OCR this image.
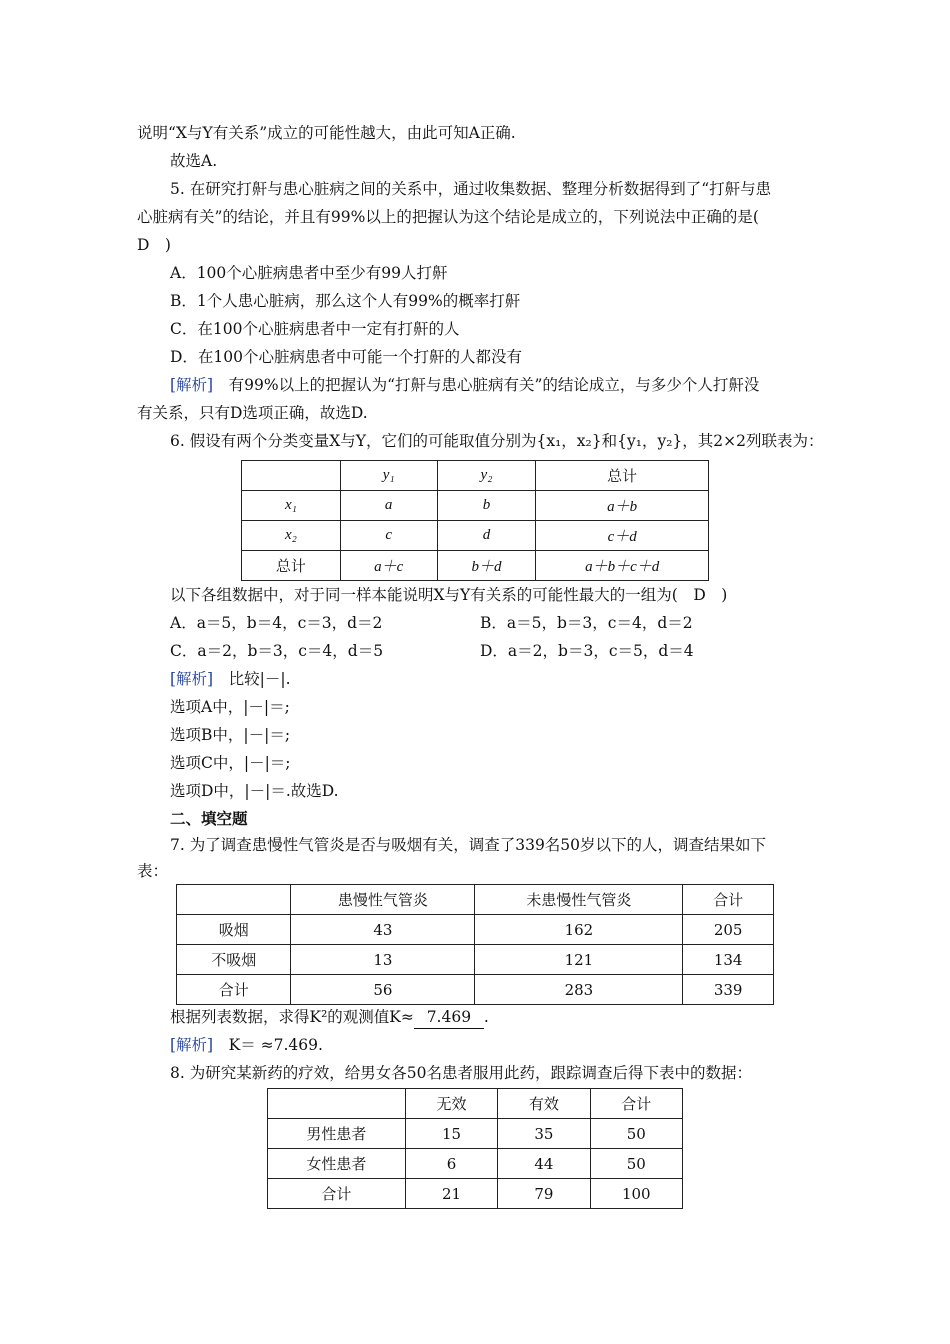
说明“X与Y有关系”成立的可能性越大，由此可知A正确.
故选A.
5. 在研究打鼾与患心脏病之间的关系中，通过收集数据、整理分析数据得到了“打鼾与患
心脏病有关”的结论，并且有99%以上的把握认为这个结论是成立的，下列说法中正确的是(
D　)
A．100个心脏病患者中至少有99人打鼾
B．1个人患心脏病，那么这个人有99%的概率打鼾
C．在100个心脏病患者中一定有打鼾的人
D．在100个心脏病患者中可能一个打鼾的人都没有
[解析]　 有99%以上的把握认为“打鼾与患心脏病有关”的结论成立，与多少个人打鼾没
有关系，只有D选项正确，故选D.
6. 假设有两个分类变量X与Y，它们的可能取值分别为{x₁，x₂}和{y₁，y₂}，其2×2列联表为：
	y₁	y₂	总计
x₁	a	b	a＋b
x₂	c	d	c＋d
总计	a＋c	b＋d	a＋b＋c＋d
以下各组数据中，对于同一样本能说明X与Y有关系的可能性最大的一组为(　D　)
A．a＝5，b＝4，c＝3，d＝2	B．a＝5，b＝3，c＝4，d＝2
C．a＝2，b＝3，c＝4，d＝5	D．a＝2，b＝3，c＝5，d＝4
[解析]　 比较|－|.
选项A中，|－|＝;
选项B中，|－|＝;
选项C中，|－|＝;
选项D中，|－|＝.故选D.
二、填空题
7. 为了调查患慢性气管炎是否与吸烟有关，调查了339名50岁以下的人，调查结果如下
表：
	患慢性气管炎	未患慢性气管炎	合计
吸烟	43	162	205
不吸烟	13	121	134
合计	56	283	339
根据列表数据，求得K²的观测值K≈ 7.469 .
[解析]　 K＝ ≈7.469.
8. 为研究某新药的疗效，给男女各50名患者服用此药，跟踪调查后得下表中的数据：
	无效	有效	合计
男性患者	15	35	50
女性患者	6	44	50
合计	21	79	100
